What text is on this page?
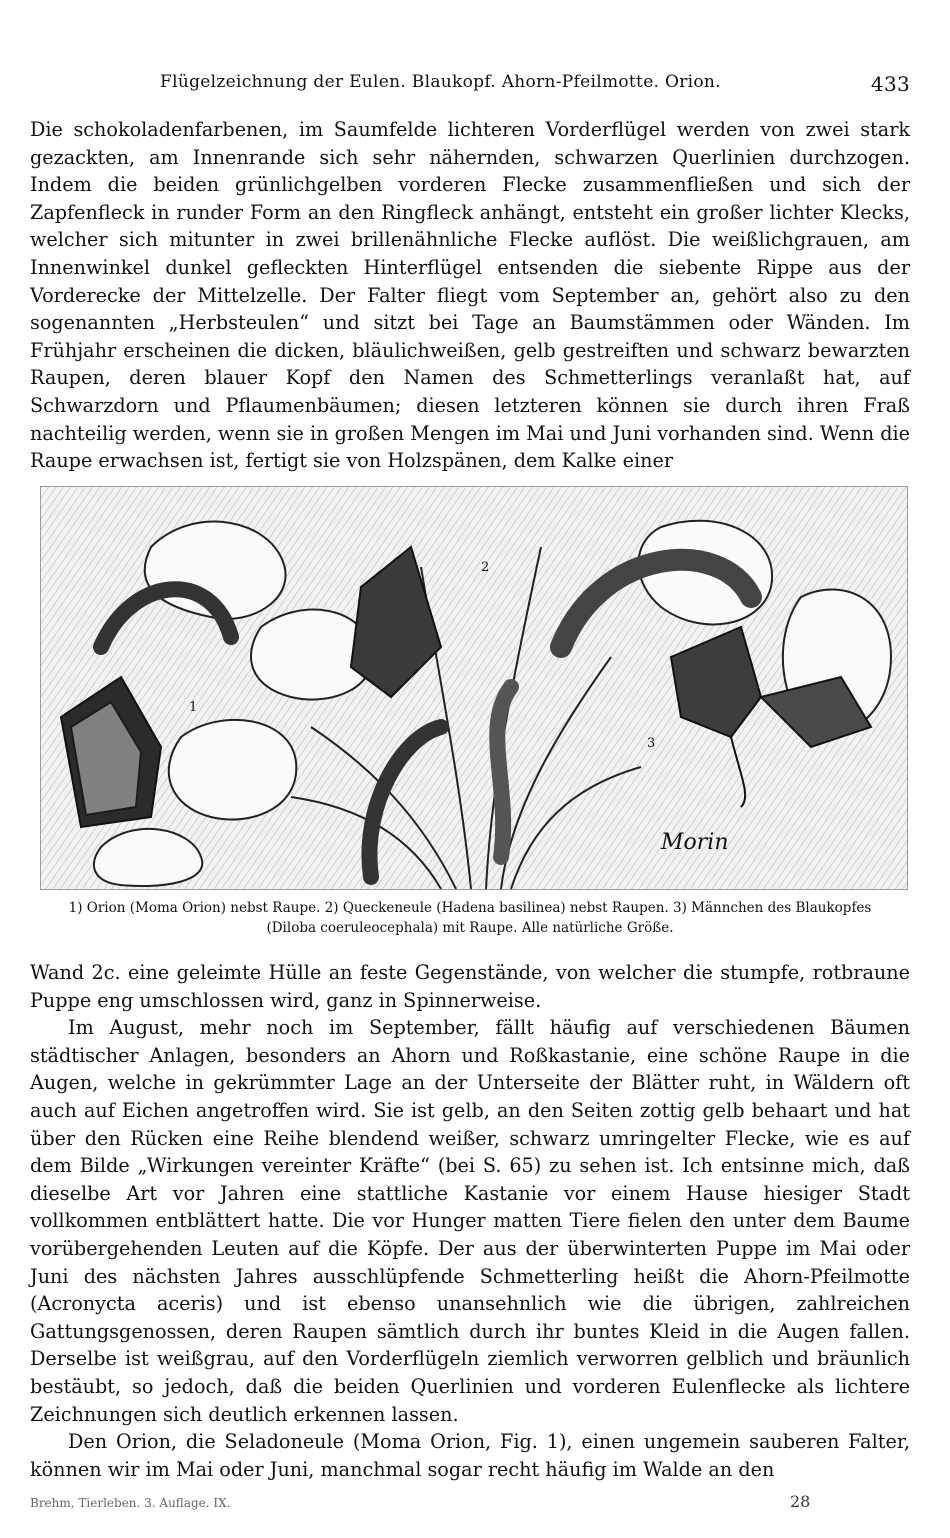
Flügelzeichnung der Eulen. Blaukopf. Ahorn-Pfeilmotte. Orion.	433

Die schokoladenfarbenen, im Saumfelde lichteren Vorderflügel werden von zwei stark gezackten, am Innenrande sich sehr nähernden, schwarzen Querlinien durchzogen. Indem die beiden grünlichgelben vorderen Flecke zusammenfließen und sich der Zapfenfleck in runder Form an den Ringfleck anhängt, entsteht ein großer lichter Klecks, welcher sich mitunter in zwei brillenähnliche Flecke auflöst. Die weißlichgrauen, am Innenwinkel dunkel gefleckten Hinterflügel entsenden die siebente Rippe aus der Vorderecke der Mittelzelle. Der Falter fliegt vom September an, gehört also zu den sogenannten „Herbsteulen“ und sitzt bei Tage an Baumstämmen oder Wänden. Im Frühjahr erscheinen die dicken, bläulichweißen, gelb gestreiften und schwarz bewarzten Raupen, deren blauer Kopf den Namen des Schmetterlings veranlaßt hat, auf Schwarzdorn und Pflaumenbäumen; diesen letzteren können sie durch ihren Fraß nachteilig werden, wenn sie in großen Mengen im Mai und Juni vorhanden sind. Wenn die Raupe erwachsen ist, fertigt sie von Holzspänen, dem Kalke einer

1
2
3
Morin
1) Orion (Moma Orion) nebst Raupe. 2) Queckeneule (Hadena basilinea) nebst Raupen. 3) Männchen des Blaukopfes
(Diloba coeruleocephala) mit Raupe. Alle natürliche Größe.

Wand 2c. eine geleimte Hülle an feste Gegenstände, von welcher die stumpfe, rotbraune Puppe eng umschlossen wird, ganz in Spinnerweise.

Im August, mehr noch im September, fällt häufig auf verschiedenen Bäumen städtischer Anlagen, besonders an Ahorn und Roßkastanie, eine schöne Raupe in die Augen, welche in gekrümmter Lage an der Unterseite der Blätter ruht, in Wäldern oft auch auf Eichen angetroffen wird. Sie ist gelb, an den Seiten zottig gelb behaart und hat über den Rücken eine Reihe blendend weißer, schwarz umringelter Flecke, wie es auf dem Bilde „Wirkungen vereinter Kräfte“ (bei S. 65) zu sehen ist. Ich entsinne mich, daß dieselbe Art vor Jahren eine stattliche Kastanie vor einem Hause hiesiger Stadt vollkommen entblättert hatte. Die vor Hunger matten Tiere fielen den unter dem Baume vorübergehenden Leuten auf die Köpfe. Der aus der überwinterten Puppe im Mai oder Juni des nächsten Jahres ausschlüpfende Schmetterling heißt die Ahorn-Pfeilmotte (Acronycta aceris) und ist ebenso unansehnlich wie die übrigen, zahlreichen Gattungsgenossen, deren Raupen sämtlich durch ihr buntes Kleid in die Augen fallen. Derselbe ist weißgrau, auf den Vorderflügeln ziemlich verworren gelblich und bräunlich bestäubt, so jedoch, daß die beiden Querlinien und vorderen Eulenflecke als lichtere Zeichnungen sich deutlich erkennen lassen.

Den Orion, die Seladoneule (Moma Orion, Fig. 1), einen ungemein sauberen Falter, können wir im Mai oder Juni, manchmal sogar recht häufig im Walde an den

Brehm, Tierleben. 3. Auflage. IX.	28
